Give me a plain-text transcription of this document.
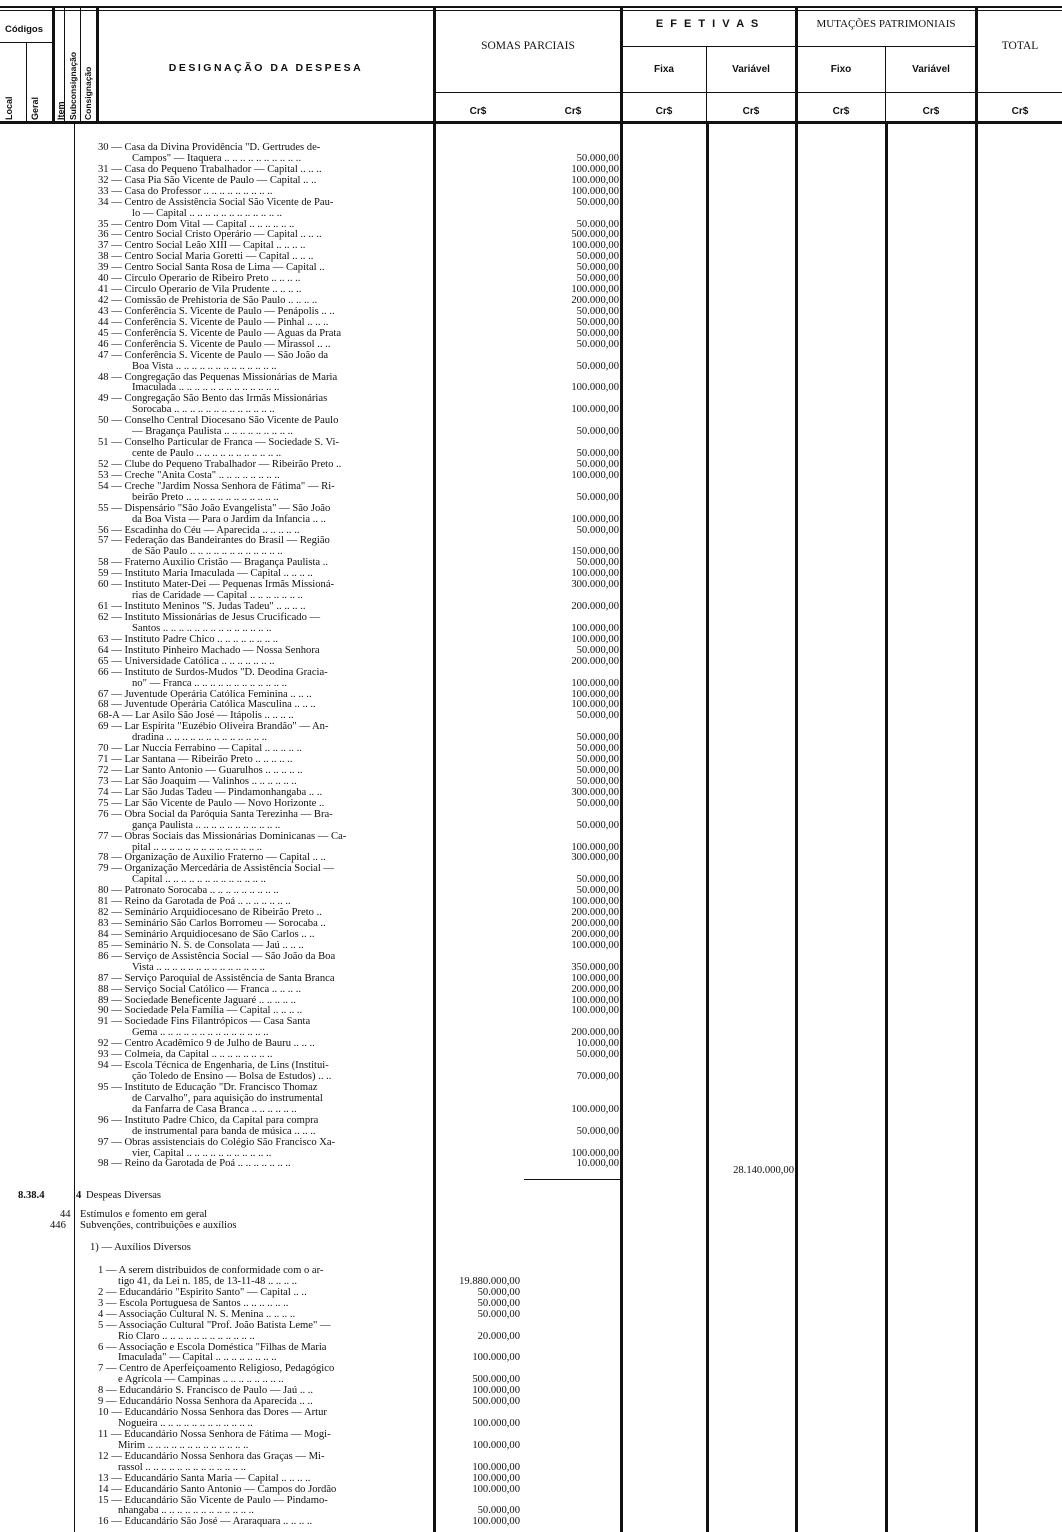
Códigos
Local Geral Item Subconsignação Consignação	DESIGNAÇÃO DA DESPESA
SOMAS PARCIAIS
E F E T I V A S	MUTAÇÕES PATRIMONIAIS
TOTAL
Fixa	Variável	Fixo	Variável
Cr$	Cr$	Cr$	Cr$	Cr$	Cr$	Cr$
30 — Casa da Divina Providência "D. Gertrudes de-
Campos" — Itaquera .. .. .. .. .. .. .. .. .. ..	50.000,00
31 — Casa do Pequeno Trabalhador — Capital .. .. ..	100.000,00
32 — Casa Pia São Vicente de Paulo — Capital .. ..	100.000,00
33 — Casa do Professor .. .. .. .. .. .. .. .. ..	100.000,00
34 — Centro de Assistência Social São Vicente de Pau-	50.000,00
lo — Capital .. .. .. .. .. .. .. .. .. .. .. ..
35 — Centro Dom Vital — Capital .. .. .. .. .. ..	50.000,00
36 — Centro Social Cristo Operário — Capital .. .. ..	500.000,00
37 — Centro Social Leão XIII — Capital .. .. .. ..	100.000,00
38 — Centro Social Maria Goretti — Capital .. .. ..	50.000,00
39 — Centro Social Santa Rosa de Lima — Capital ..	50.000,00
40 — Circulo Operario de Ribeiro Preto .. .. .. ..	50.000,00
41 — Circulo Operario de Vila Prudente .. .. .. ..	100.000,00
42 — Comissão de Prehistoria de São Paulo .. .. .. ..	200.000,00
43 — Conferência S. Vicente de Paulo — Penápolis .. ..	50.000,00
44 — Conferência S. Vicente de Paulo — Pinhal .. .. ..	50.000,00
45 — Conferência S. Vicente de Paulo — Aguas da Prata	50.000,00
46 — Conferência S. Vicente de Paulo — Mirassol .. ..	50.000,00
47 — Conferência S. Vicente de Paulo — São João da
Boa Vista .. .. .. .. .. .. .. .. .. .. .. .. ..	50.000,00
48 — Congregação das Pequenas Missionárias de Maria
Imaculada .. .. .. .. .. .. .. .. .. .. .. .. ..	100.000,00
49 — Congregação São Bento das Irmãs Missionárias
Sorocaba .. .. .. .. .. .. .. .. .. .. .. .. ..	100.000,00
50 — Conselho Central Diocesano São Vicente de Paulo
— Bragança Paulista .. .. .. .. .. .. .. .. ..	50.000,00
51 — Conselho Particular de Franca — Sociedade S. Vi-
cente de Paulo .. .. .. .. .. .. .. .. .. .. ..	50.000,00
52 — Clube do Pequeno Trabalhador — Ribeirão Preto ..	50.000,00
53 — Creche "Anita Costa" .. .. .. .. .. .. .. ..	100.000,00
54 — Creche "Jardim Nossa Senhora de Fátima" — Ri-
beirão Preto .. .. .. .. .. .. .. .. .. .. .. ..	50.000,00
55 — Dispensário "São João Evangelista" — São João
da Boa Vista — Para o Jardim da Infancia .. ..	100.000,00
56 — Escadinha do Céu — Aparecida .. .. .. .. ..	50.000,00
57 — Federação das Bandeirantes do Brasil — Região
de São Paulo .. .. .. .. .. .. .. .. .. .. .. ..	150.000,00
58 — Fraterno Auxilio Cristão — Bragança Paulista ..	50.000,00
59 — Instituto Maria Imaculada — Capital .. .. .. ..	100.000,00
60 — Instituto Mater-Dei — Pequenas Irmãs Missioná-	300.000,00
rias de Caridade — Capital .. .. .. .. .. .. ..
61 — Instituto Meninos "S. Judas Tadeu" .. .. .. ..	200.000,00
62 — Instituto Missionárias de Jesus Crucificado —
Santos .. .. .. .. .. .. .. .. .. .. .. .. .. ..	100.000,00
63 — Instituto Padre Chico .. .. .. .. .. .. .. ..	100.000,00
64 — Instituto Pinheiro Machado — Nossa Senhora	50.000,00
65 — Universidade Católica .. .. .. .. .. .. ..	200.000,00
66 — Instituto de Surdos-Mudos "D. Deodina Gracia-
no" — Franca .. .. .. .. .. .. .. .. .. .. .. ..	100.000,00
67 — Juventude Operária Católica Feminina .. .. ..	100.000,00
68 — Juventude Operária Católica Masculina .. .. ..	100.000,00
68-A — Lar Asilo São José — Itápolis .. .. .. ..	50.000,00
69 — Lar Espírita "Euzébio Oliveira Brandão" — An-
dradina .. .. .. .. .. .. .. .. .. .. .. .. ..	50.000,00
70 — Lar Nuccia Ferrabino — Capital .. .. .. .. ..	50.000,00
71 — Lar Santana — Ribeirão Preto .. .. .. .. ..	50.000,00
72 — Lar Santo Antonio — Guarulhos .. .. .. .. ..	50.000,00
73 — Lar São Joaquim — Valinhos .. .. .. .. .. ..	50.000,00
74 — Lar São Judas Tadeu — Pindamonhangaba .. ..	300.000,00
75 — Lar São Vicente de Paulo — Novo Horizonte ..	50.000,00
76 — Obra Social da Paróquia Santa Terezinha — Bra-
gança Paulista .. .. .. .. .. .. .. .. .. .. ..	50.000,00
77 — Obras Sociais das Missionárias Dominicanas — Ca-
pital .. .. .. .. .. .. .. .. .. .. .. .. .. ..	100.000,00
78 — Organização de Auxilio Fraterno — Capital .. ..	300.000,00
79 — Organização Mercedária de Assistência Social —
Capital .. .. .. .. .. .. .. .. .. .. .. .. ..	50.000,00
80 — Patronato Sorocaba .. .. .. .. .. .. .. .. ..	50.000,00
81 — Reino da Garotada de Poá .. .. .. .. .. .. ..	100.000,00
82 — Seminário Arquidiocesano de Ribeirão Preto ..	200.000,00
83 — Seminário São Carlos Borromeu — Sorocaba ..	200.000,00
84 — Seminário Arquidiocesano de São Carlos .. ..	200.000,00
85 — Seminário N. S. de Consolata — Jaú .. .. ..	100.000,00
86 — Serviço de Assistência Social — São João da Boa
Vista .. .. .. .. .. .. .. .. .. .. .. .. .. ..	350.000,00
87 — Serviço Paroquial de Assistência de Santa Branca	100.000,00
88 — Serviço Social Católico — Franca .. .. .. ..	200.000,00
89 — Sociedade Beneficente Jaguaré .. .. .. .. ..	100.000,00
90 — Sociedade Pela Família — Capital .. .. .. ..	100.000,00
91 — Sociedade Fins Filantrópicos — Casa Santa
Gema .. .. .. .. .. .. .. .. .. .. .. .. .. ..	200.000,00
92 — Centro Acadêmico 9 de Julho de Bauru .. .. ..	10.000,00
93 — Colmeia, da Capital .. .. .. .. .. .. .. ..	50.000,00
94 — Escola Técnica de Engenharia, de Lins (Institui-
ção Toledo de Ensino — Bolsa de Estudos) .. ..	70.000,00
95 — Instituto de Educação "Dr. Francisco Thomaz
de Carvalho", para aquisição do instrumental
da Fanfarra de Casa Branca .. .. .. .. .. ..	100.000,00
96 — Instituto Padre Chico, da Capital para compra
de instrumental para banda de música .. .. ..	50.000,00
97 — Obras assistenciais do Colégio São Francisco Xa-
vier, Capital .. .. .. .. .. .. .. .. .. .. ..	100.000,00
98 — Reino da Garotada de Poá .. .. .. .. .. .. ..	10.000,00
28.140.000,00
8.38.4	4 Despeas Diversas
44 Estímulos e fomento em geral
446 Subvenções, contribuições e auxílios
1) — Auxílios Diversos
1 — A serem distribuidos de conformidade com o ar-
tigo 41, da Lei n. 185, de 13-11-48 .. .. .. ..	19.880.000,00
2 — Educandário "Espirito Santo" — Capital .. ..	50.000,00
3 — Escola Portuguesa de Santos .. .. .. .. .. ..	50.000,00
4 — Associação Cultural N. S. Menina .. .. .. ..	50.000,00
5 — Associação Cultural "Prof. João Batista Leme" —
Rio Claro .. .. .. .. .. .. .. .. .. .. .. ..	20.000,00
6 — Associação e Escola Doméstica "Filhas de Maria
Imaculada" — Capital .. .. .. .. .. .. .. ..	100.000,00
7 — Centro de Aperfeiçoamento Religioso, Pedagógico
e Agrícola — Campinas .. .. .. .. .. .. .. ..	500.000,00
8 — Educandário S. Francisco de Paulo — Jaú .. ..	100.000,00
9 — Educandário Nossa Senhora da Aparecida .. ..	500.000,00
10 — Educandário Nossa Senhora das Dores — Artur
Nogueira .. .. .. .. .. .. .. .. .. .. .. ..	100.000,00
11 — Educandário Nossa Senhora de Fátima — Mogi-
Mirim .. .. .. .. .. .. .. .. .. .. .. .. ..	100.000,00
12 — Educandário Nossa Senhora das Graças — Mi-
rassol .. .. .. .. .. .. .. .. .. .. .. .. ..	100.000,00
13 — Educandário Santa Maria — Capital .. .. .. ..	100.000,00
14 — Educandário Santo Antonio — Campos do Jordão	100.000,00
15 — Educandário São Vicente de Paulo — Pindamo-
nhangaba .. .. .. .. .. .. .. .. .. .. .. ..	50.000,00
16 — Educandário São José — Araraquara .. .. .. ..	100.000,00
